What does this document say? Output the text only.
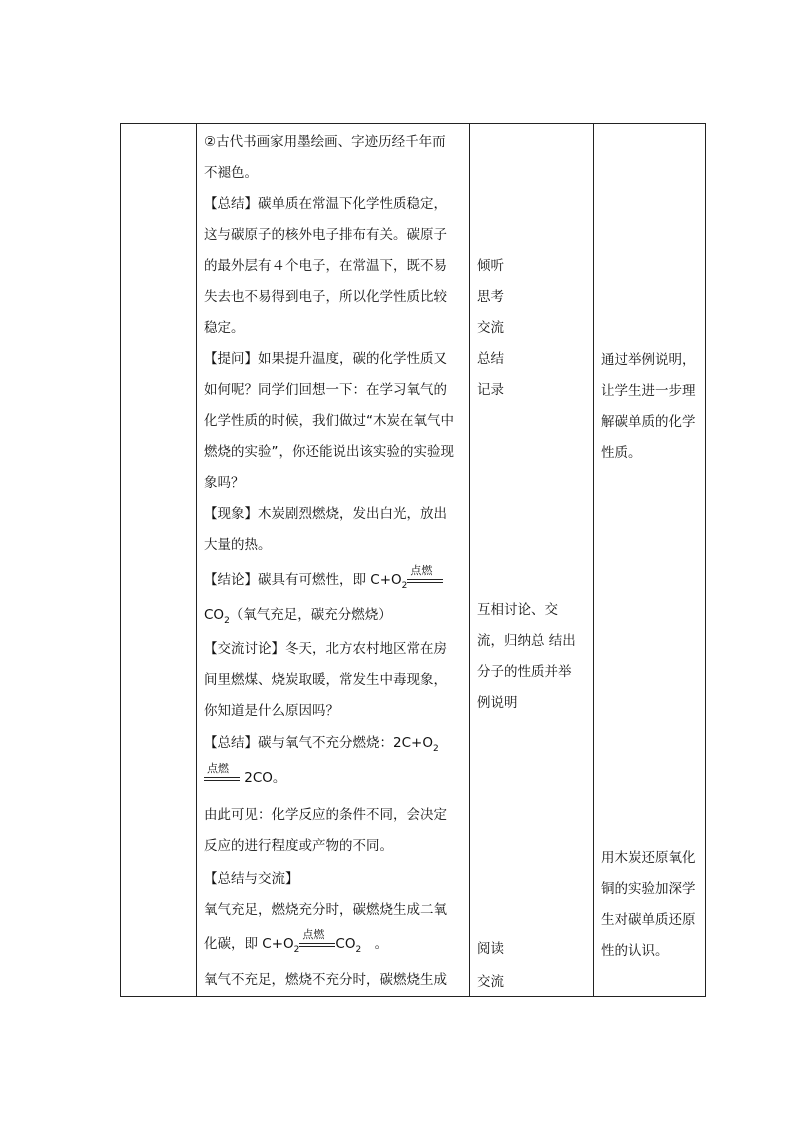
②古代书画家用墨绘画、字迹历经千年而
不褪色。
【总结】碳单质在常温下化学性质稳定，
这与碳原子的核外电子排布有关。碳原子
的最外层有４个电子，在常温下，既不易
失去也不易得到电子，所以化学性质比较
稳定。
【提问】如果提升温度，碳的化学性质又
如何呢？同学们回想一下：在学习氧气的
化学性质的时候，我们做过“木炭在氧气中
燃烧的实验”，你还能说出该实验的实验现
象吗？
【现象】木炭剧烈燃烧，发出白光，放出
大量的热。
【结论】碳具有可燃性，即 $C+O_2$
点燃
$CO_2$（氧气充足，碳充分燃烧）
【交流讨论】冬天，北方农村地区常在房
间里燃煤、烧炭取暖，常发生中毒现象，
你知道是什么原因吗？
【总结】碳与氧气不充分燃烧：$2C+O_2$
点燃
2CO。
由此可见：化学反应的条件不同，会决定
反应的进行程度或产物的不同。
【总结与交流】
氧气充足，燃烧充分时，碳燃烧生成二氧
化碳，即 $C+O_2$
点燃
$CO_2$　。
氧气不充足，燃烧不充分时，碳燃烧生成
倾听
思考
交流
总结
记录
互相讨论、交
流，归纳总 结出
分子的性质并举
例说明
阅读
交流
通过举例说明，
让学生进一步理
解碳单质的化学
性质。
用木炭还原氧化
铜的实验加深学
生对碳单质还原
性的认识。
